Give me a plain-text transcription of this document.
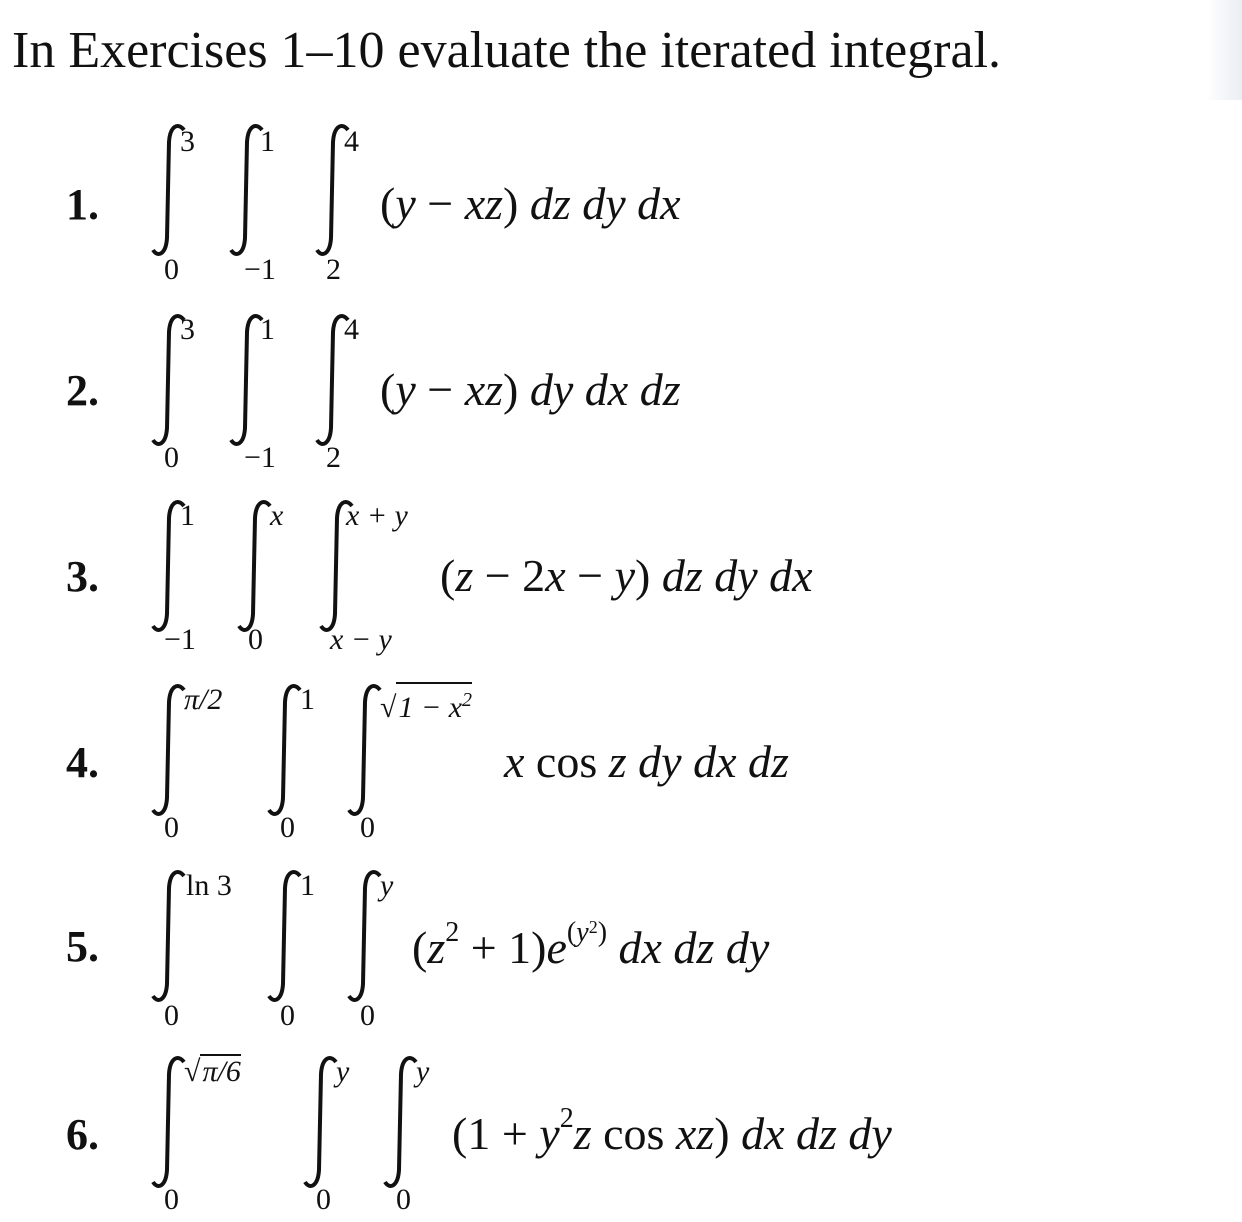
In Exercises 1–10 evaluate the iterated integral.
1.
3
0
1
−1
4
2
(y − xz) dz dy dx
2.
3
0
1
−1
4
2
(y − xz) dy dx dz
3.
1
−1
x
0
x + y
x − y
(z − 2x − y) dz dy dx
4.
π/2
0
1
0
$√1 - x^2$
0
x cos z dy dx dz
5.
ln 3
0
1
0
y
0
$(z^2 + 1)e^{(y^2)}$ dx dz dy
6.
√π/6
0
y
0
y
0
($1 + y^2z$ cos xz) dx dz dy
